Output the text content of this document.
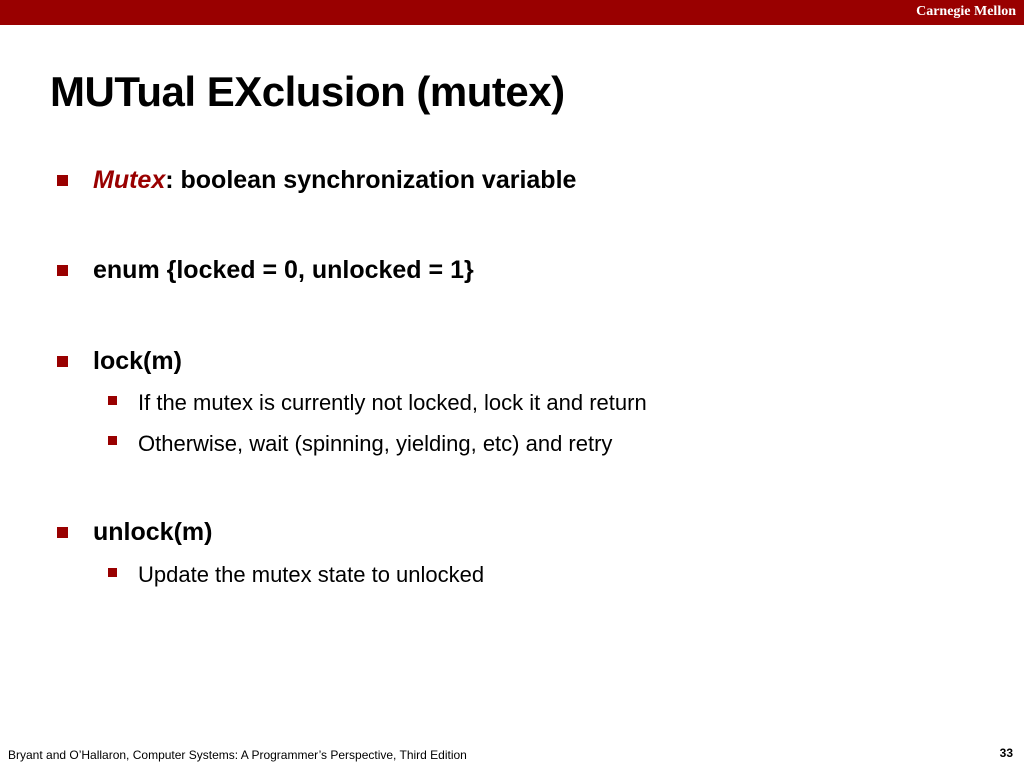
Carnegie Mellon
MUTual EXclusion (mutex)
Mutex: boolean synchronization variable
enum {locked = 0, unlocked = 1}
lock(m)
If the mutex is currently not locked, lock it and return
Otherwise, wait (spinning, yielding, etc) and retry
unlock(m)
Update the mutex state to unlocked
Bryant and O’Hallaron, Computer Systems: A Programmer’s Perspective, Third Edition	33
